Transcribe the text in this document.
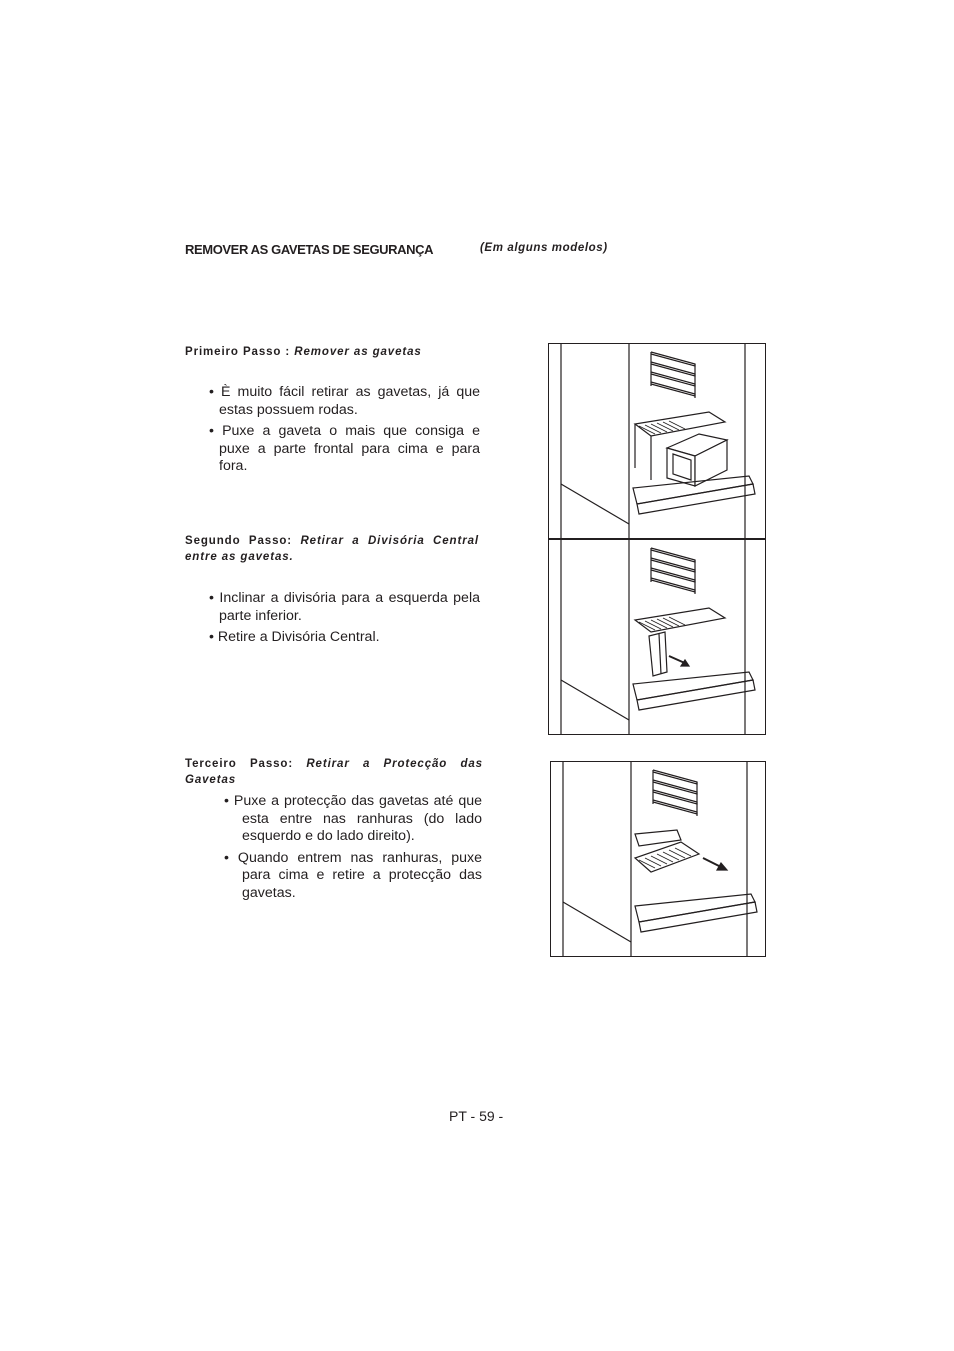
REMOVER AS GAVETAS DE SEGURANÇA	(Em alguns modelos)
Primeiro Passo : Remover as gavetas
• È muito fácil retirar as gavetas, já que estas possuem rodas.
• Puxe a gaveta o mais que consiga e puxe a parte frontal para cima e para fora.
Segundo Passo: Retirar a Divisória Central entre as gavetas.
• Inclinar a divisória para a esquerda pela parte inferior.
• Retire a Divisória Central.
Terceiro Passo: Retirar a Protecção das Gavetas
• Puxe a protecção das gavetas até que esta entre nas ranhuras (do lado esquerdo e do lado direito).
• Quando entrem nas ranhuras, puxe para cima e retire a protecção das gavetas.
PT - 59 -
